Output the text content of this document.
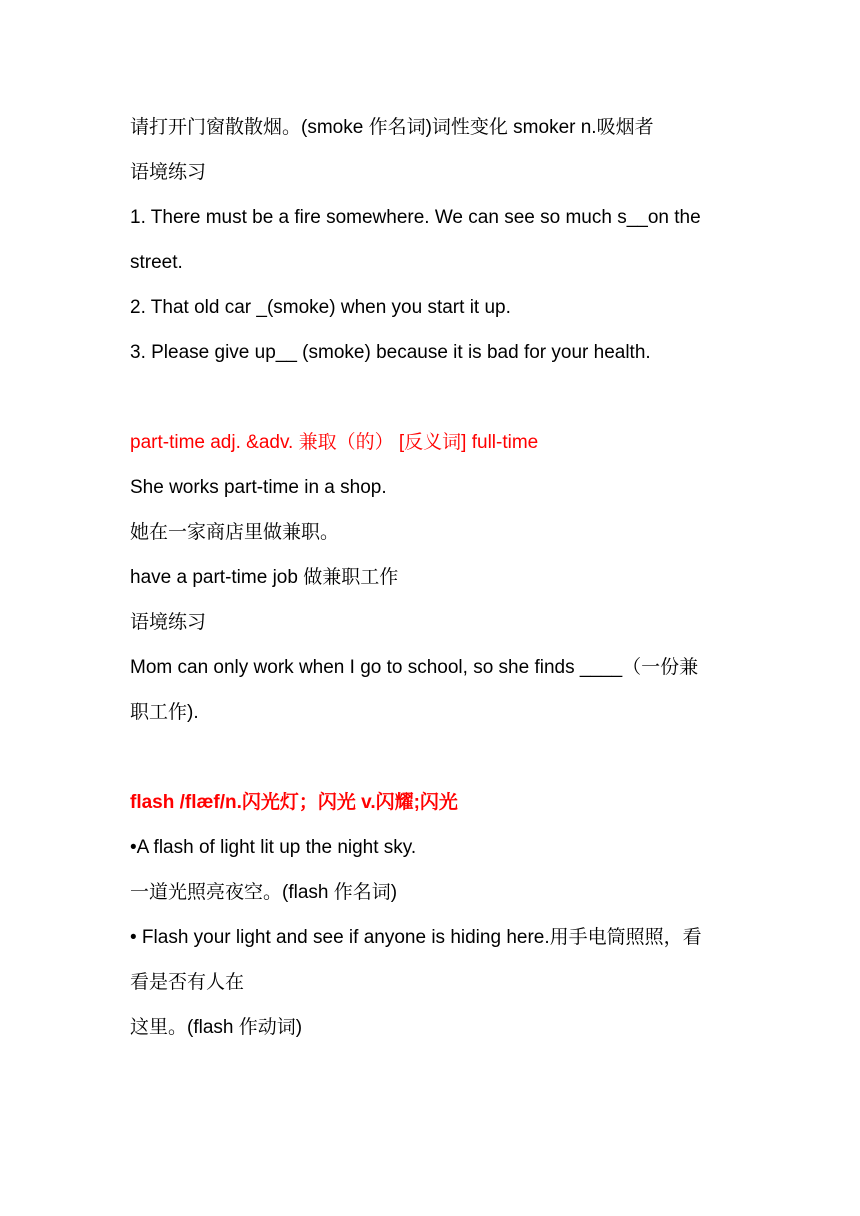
请打开门窗散散烟。(smoke 作名词)词性变化 smoker n.吸烟者
语境练习
1. There must be a fire somewhere. We can see so much s__on the
street.
2. That old car _(smoke) when you start it up.
3. Please give up__ (smoke) because it is bad for your health.
part-time adj. &adv. 兼取（的） [反义词] full-time
She works part-time in a shop.
她在一家商店里做兼职。
have a part-time job 做兼职工作
语境练习
Mom can only work when I go to school, so she finds ____（一份兼
职工作).
flash /flæf/n.闪光灯；闪光 v.闪耀;闪光
•A flash of light lit up the night sky.
一道光照亮夜空。(flash 作名词)
• Flash your light and see if anyone is hiding here.用手电筒照照，看
看是否有人在
这里。(flash 作动词)
